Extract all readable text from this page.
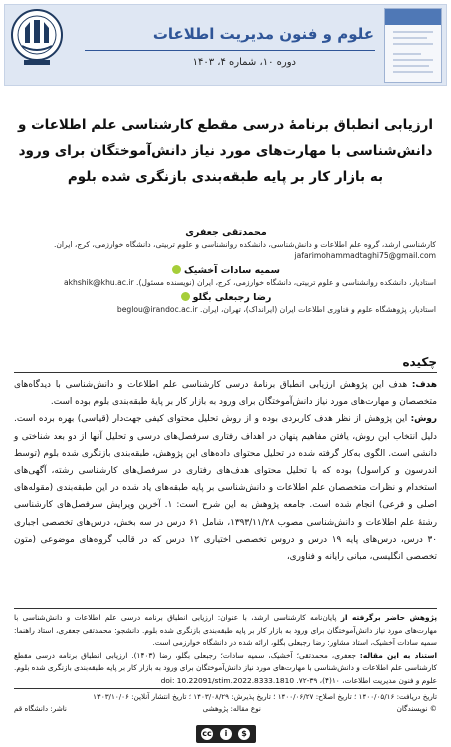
علوم و فنون مدیریت اطلاعات
دوره ۱۰، شماره ۴، ۱۴۰۳
ارزیابی انطباق برنامهٔ درسی مقطع کارشناسی علم اطلاعات و دانش‌شناسی با مهارت‌های مورد نیاز دانش‌آموختگان برای ورود به بازار کار بر پایه طبقه‌بندی بازنگری شده بلوم
محمدتقی جعفری
کارشناسی ارشد، گروه علم اطلاعات و دانش‌شناسی، دانشکده روانشناسی و علوم تربیتی، دانشگاه خوارزمی، کرج، ایران. jafarimohammadtaghi75@gmail.com
سمیه سادات آخشیک
استادیار، دانشکده روانشناسی و علوم تربیتی، دانشگاه خوارزمی، کرج، ایران (نویسنده مسئول). akhshik@khu.ac.ir
رضا رجبعلی بگلو
استادیار، پژوهشگاه علوم و فناوری اطلاعات ایران (ایرانداک)، تهران، ایران. beglou@irandoc.ac.ir
چکیده

هدف: هدف این پژوهش ارزیابی انطباق برنامهٔ درسی کارشناسی علم اطلاعات و دانش‌شناسی با دیدگاه‌های متخصصان و مهارت‌های مورد نیاز دانش‌آموختگان برای ورود به بازار کار بر پایهٔ طبقه‌بندی بلوم بوده است.

روش: این پژوهش از نظر هدف کاربردی بوده و از روش تحلیل محتوای کیفی جهت‌دار (قیاسی) بهره برده است. دلیل انتخاب این روش، یافتن مفاهیم پنهان در اهداف رفتاری سرفصل‌های درسی و تحلیل آنها از دو بعد شناختی و دانشی است. الگوی به‌کار گرفته شده در تحلیل محتوای داده‌های این پژوهش، طبقه‌بندی بازنگری شده بلوم (توسط اندرسون و کراسول) بوده که با تحلیل محتوای هدف‌های رفتاری در سرفصل‌های کارشناسی رشته، آگهی‌های استخدام و نظرات متخصصان علم اطلاعات و دانش‌شناسی بر پایه طبقه‌های یاد شده در این طبقه‌بندی (مقوله‌های اصلی و فرعی) انجام شده است. جامعه پژوهش به این شرح است: ۱. آخرین ویرایش سرفصل‌های کارشناسی رشتهٔ علم اطلاعات و دانش‌شناسی مصوب ۱۳۹۳/۱۱/۲۸، شامل ۶۱ درس در سه بخش، درس‌های تخصصی اجباری ۳۰ درس، درس‌های پایه ۱۹ درس و دروس تخصصی اختیاری ۱۲ درس که در قالب گروه‌های موضوعی (متون تخصصی انگلیسی، مبانی رایانه و فناوری،

پژوهش حاضر برگرفته از پایان‌نامه کارشناسی ارشد، با عنوان: ارزیابی انطباق برنامه درسی علم اطلاعات و دانش‌شناسی با مهارت‌های مورد نیاز دانش‌آموختگان برای ورود به بازار کار بر پایه طبقه‌بندی بازنگری شده بلوم. دانشجو: محمدتقی جعفری، استاد راهنما: سمیه سادات آخشیک، استاد مشاور: رضا رجبعلی بگلو، ارائه شده در دانشگاه خوارزمی است.

استناد به این مقاله: جعفری، محمدتقی؛ آخشیک، سمیه سادات؛ رجبعلی بگلو، رضا (۱۴۰۳). ارزیابی انطباق برنامه درسی مقطع کارشناسی علم اطلاعات و دانش‌شناسی با مهارت‌های مورد نیاز دانش‌آموختگان برای ورود به بازار کار بر پایه طبقه‌بندی بازنگری شده بلوم. علوم و فنون مدیریت اطلاعات، ۱۰(۴)، ۳۹-۷۲. doi: 10.22091/stim.2022.8333.1810

تاریخ دریافت: ۱۴۰۰/۰۵/۱۶ ؛ تاریخ اصلاح: ۱۴۰۰/۰۶/۲۷ ؛ تاریخ پذیرش: ۱۴۰۳/۰۸/۲۹ ؛ تاریخ انتشار آنلاین: ۱۴۰۳/۱۰/۰۶
© نویسندگان
نوع مقاله: پژوهشی
ناشر: دانشگاه قم
cc	i	$
